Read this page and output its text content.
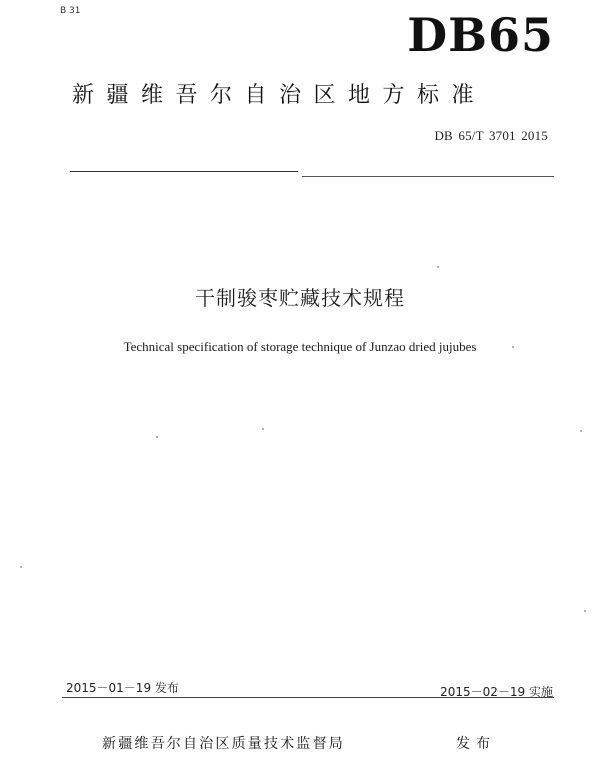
B 31	DB65
新疆维吾尔自治区地方标准
DB 65/T 3701 2015
干制骏枣贮藏技术规程
Technical specification of storage technique of Junzao dried jujubes
2015－01－19 发布	2015－02－19 实施
新疆维吾尔自治区质量技术监督局	发布
